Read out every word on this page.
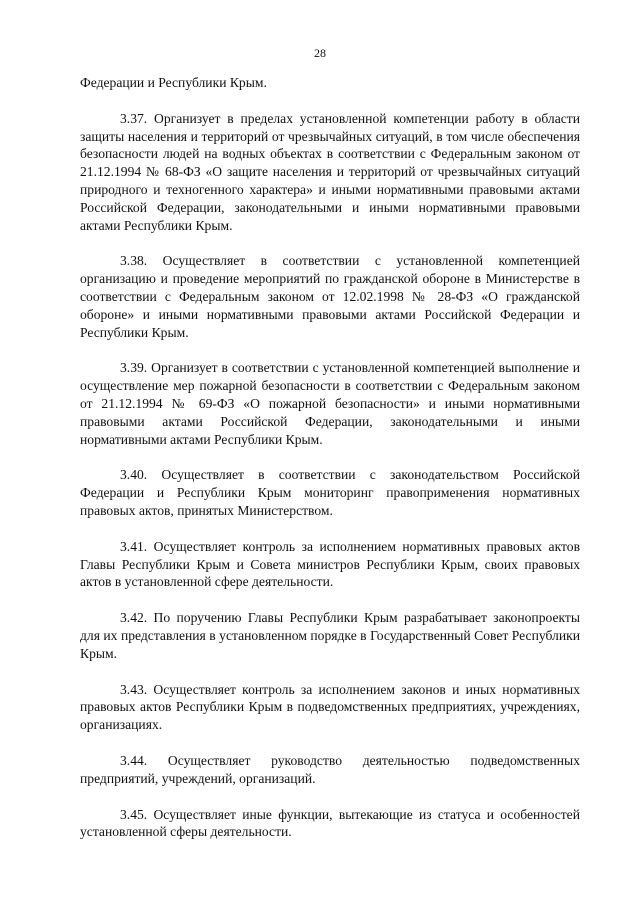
28

Федерации и Республики Крым.

3.37. Организует в пределах установленной компетенции работу в области защиты населения и территорий от чрезвычайных ситуаций, в том числе обеспечения безопасности людей на водных объектах в соответствии с Федеральным законом от 21.12.1994 № 68-ФЗ «О защите населения и территорий от чрезвычайных ситуаций природного и техногенного характера» и иными нормативными правовыми актами Российской Федерации, законодательными и иными нормативными правовыми актами Республики Крым.

3.38. Осуществляет в соответствии с установленной компетенцией организацию и проведение мероприятий по гражданской обороне в Министерстве в соответствии с Федеральным законом от 12.02.1998 № 28-ФЗ «О гражданской обороне» и иными нормативными правовыми актами Российской Федерации и Республики Крым.

3.39. Организует в соответствии с установленной компетенцией выполнение и осуществление мер пожарной безопасности в соответствии с Федеральным законом от 21.12.1994 № 69-ФЗ «О пожарной безопасности» и иными нормативными правовыми актами Российской Федерации, законодательными и иными нормативными актами Республики Крым.

3.40. Осуществляет в соответствии с законодательством Российской Федерации и Республики Крым мониторинг правоприменения нормативных правовых актов, принятых Министерством.

3.41. Осуществляет контроль за исполнением нормативных правовых актов Главы Республики Крым и Совета министров Республики Крым, своих правовых актов в установленной сфере деятельности.

3.42. По поручению Главы Республики Крым разрабатывает законопроекты для их представления в установленном порядке в Государственный Совет Республики Крым.

3.43. Осуществляет контроль за исполнением законов и иных нормативных правовых актов Республики Крым в подведомственных предприятиях, учреждениях, организациях.

3.44. Осуществляет руководство деятельностью подведомственных предприятий, учреждений, организаций.

3.45. Осуществляет иные функции, вытекающие из статуса и особенностей установленной сферы деятельности.
